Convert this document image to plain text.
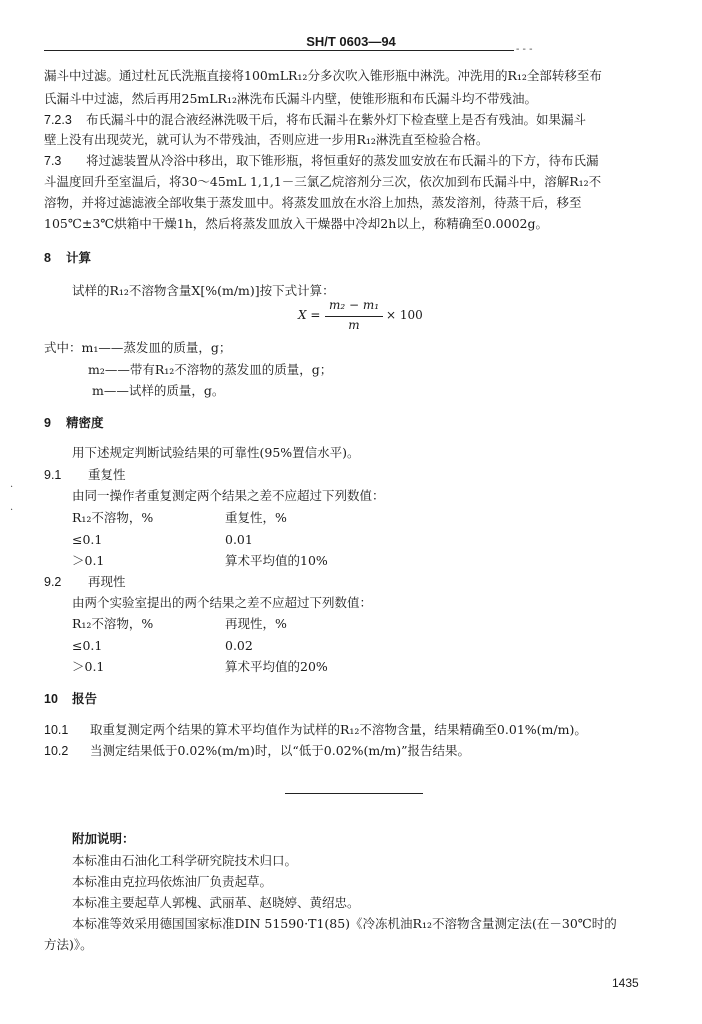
SH/T 0603—94
- - -
漏斗中过滤。通过杜瓦氏洗瓶直接将100mLR₁₂分多次吹入锥形瓶中淋洗。冲洗用的R₁₂全部转移至布
氏漏斗中过滤，然后再用25mLR₁₂淋洗布氏漏斗内壁，使锥形瓶和布氏漏斗均不带残油。
7.2.3 布氏漏斗中的混合液经淋洗吸干后，将布氏漏斗在紫外灯下检查壁上是否有残油。如果漏斗
壁上没有出现荧光，就可认为不带残油，否则应进一步用R₁₂淋洗直至检验合格。
7.3 将过滤装置从冷浴中移出，取下锥形瓶，将恒重好的蒸发皿安放在布氏漏斗的下方，待布氏漏
斗温度回升至室温后，将30～45mL 1,1,1－三氯乙烷溶剂分三次，依次加到布氏漏斗中，溶解R₁₂不
溶物，并将过滤滤液全部收集于蒸发皿中。将蒸发皿放在水浴上加热，蒸发溶剂，待蒸干后，移至
105℃±3℃烘箱中干燥1h，然后将蒸发皿放入干燥器中冷却2h以上，称精确至0.0002g。
8 计算
试样的R₁₂不溶物含量X[%(m/m)]按下式计算：
X =
m₂ − m₁
m
× 100
式中：m₁——蒸发皿的质量，g；
m₂——带有R₁₂不溶物的蒸发皿的质量，g；
m——试样的质量，g。
9 精密度
用下述规定判断试验结果的可靠性(95%置信水平)。
9.1 重复性
由同一操作者重复测定两个结果之差不应超过下列数值：
R₁₂不溶物，%	重复性，%
≤0.1	0.01
＞0.1	算术平均值的10%
9.2 再现性
由两个实验室提出的两个结果之差不应超过下列数值：
R₁₂不溶物，%	再现性，%
≤0.1	0.02
＞0.1	算术平均值的20%
10 报告
10.1 取重复测定两个结果的算术平均值作为试样的R₁₂不溶物含量，结果精确至0.01%(m/m)。
10.2 当测定结果低于0.02%(m/m)时，以“低于0.02%(m/m)”报告结果。
附加说明：
本标准由石油化工科学研究院技术归口。
本标准由克拉玛依炼油厂负责起草。
本标准主要起草人郭槐、武丽革、赵晓婷、黄绍忠。
本标准等效采用德国国家标准DIN 51590·T1(85)《冷冻机油R₁₂不溶物含量测定法(在－30℃时的
方法)》。
1435
·
·
